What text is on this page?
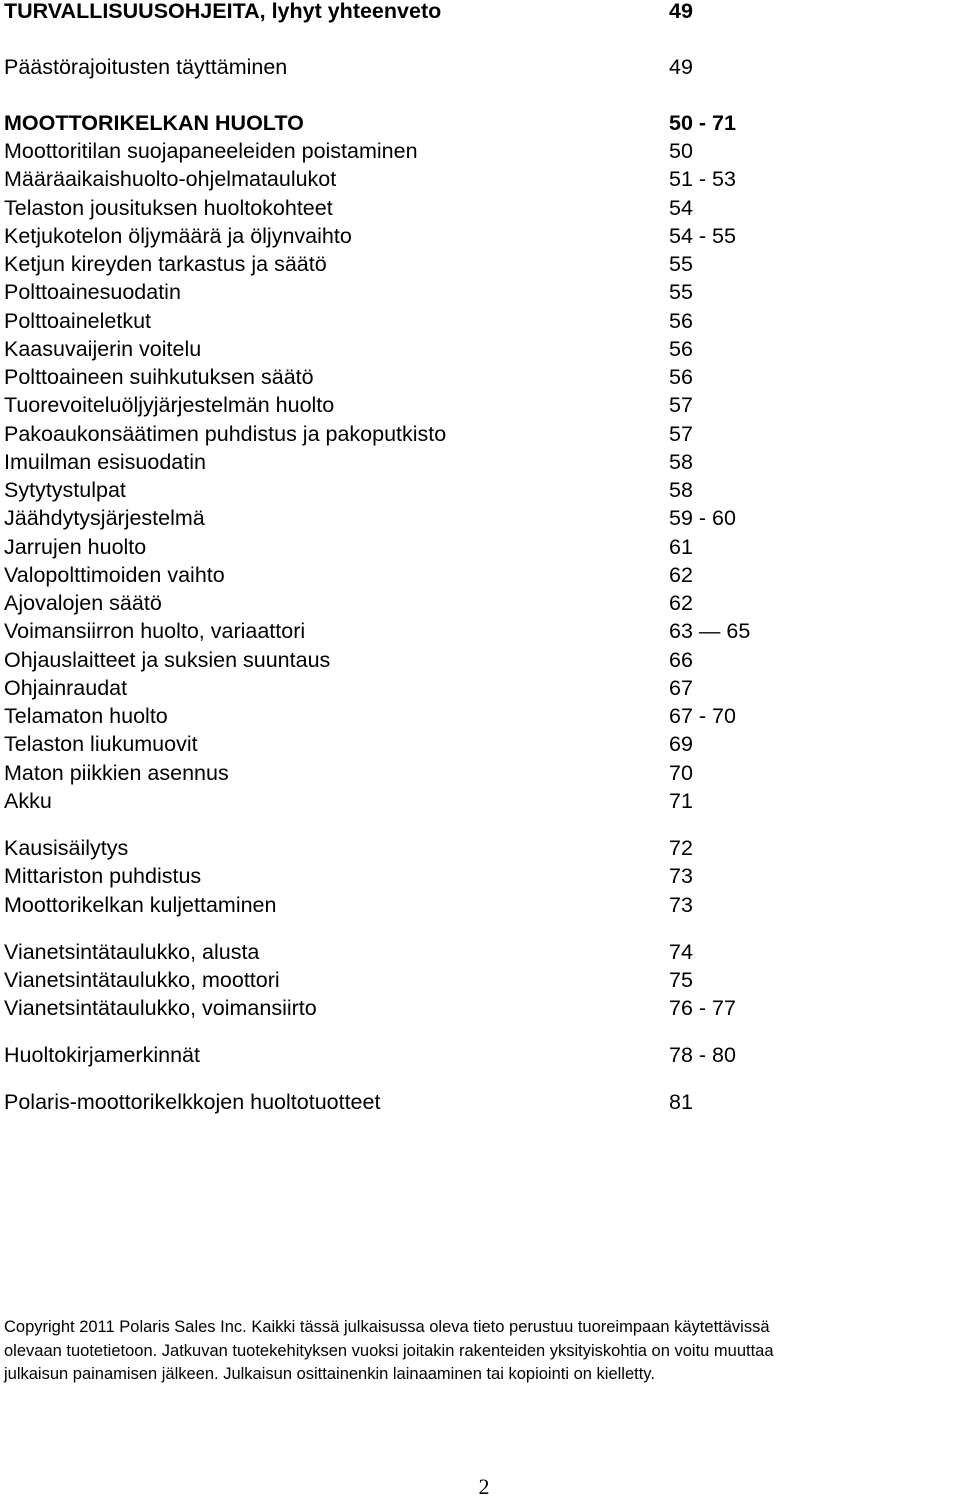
TURVALLISUUSOHJEITA, lyhyt yhteenveto	49
Päästörajoitusten täyttäminen	49
MOOTTORIKELKAN HUOLTO	50 - 71
Moottoritilan suojapaneeleiden poistaminen	50
Määräaikaishuolto-ohjelmataulukot	51 - 53
Telaston jousituksen huoltokohteet	54
Ketjukotelon öljymäärä ja öljynvaihto	54 - 55
Ketjun kireyden tarkastus ja säätö	55
Polttoainesuodatin	55
Polttoaineletkut	56
Kaasuvaijerin voitelu	56
Polttoaineen suihkutuksen säätö	56
Tuorevoiteluöljyjärjestelmän huolto	57
Pakoaukonsäätimen puhdistus ja pakoputkisto	57
Imuilman esisuodatin	58
Sytytystulpat	58
Jäähdytysjärjestelmä	59 - 60
Jarrujen huolto	61
Valopolttimoiden vaihto	62
Ajovalojen säätö	62
Voimansiirron huolto, variaattori	63 — 65
Ohjauslaitteet ja suksien suuntaus	66
Ohjainraudat	67
Telamaton huolto	67 - 70
Telaston liukumuovit	69
Maton piikkien asennus	70
Akku	71
Kausisäilytys	72
Mittariston puhdistus	73
Moottorikelkan kuljettaminen	73
Vianetsintätaulukko, alusta	74
Vianetsintätaulukko, moottori	75
Vianetsintätaulukko, voimansiirto	76 - 77
Huoltokirjamerkinnät	78 - 80
Polaris-moottorikelkkojen huoltotuotteet	81
Copyright 2011 Polaris Sales Inc. Kaikki tässä julkaisussa oleva tieto perustuu tuoreimpaan käytettävissä
olevaan tuotetietoon. Jatkuvan tuotekehityksen vuoksi joitakin rakenteiden yksityiskohtia on voitu muuttaa
julkaisun painamisen jälkeen. Julkaisun osittainenkin lainaaminen tai kopiointi on kielletty.
2
